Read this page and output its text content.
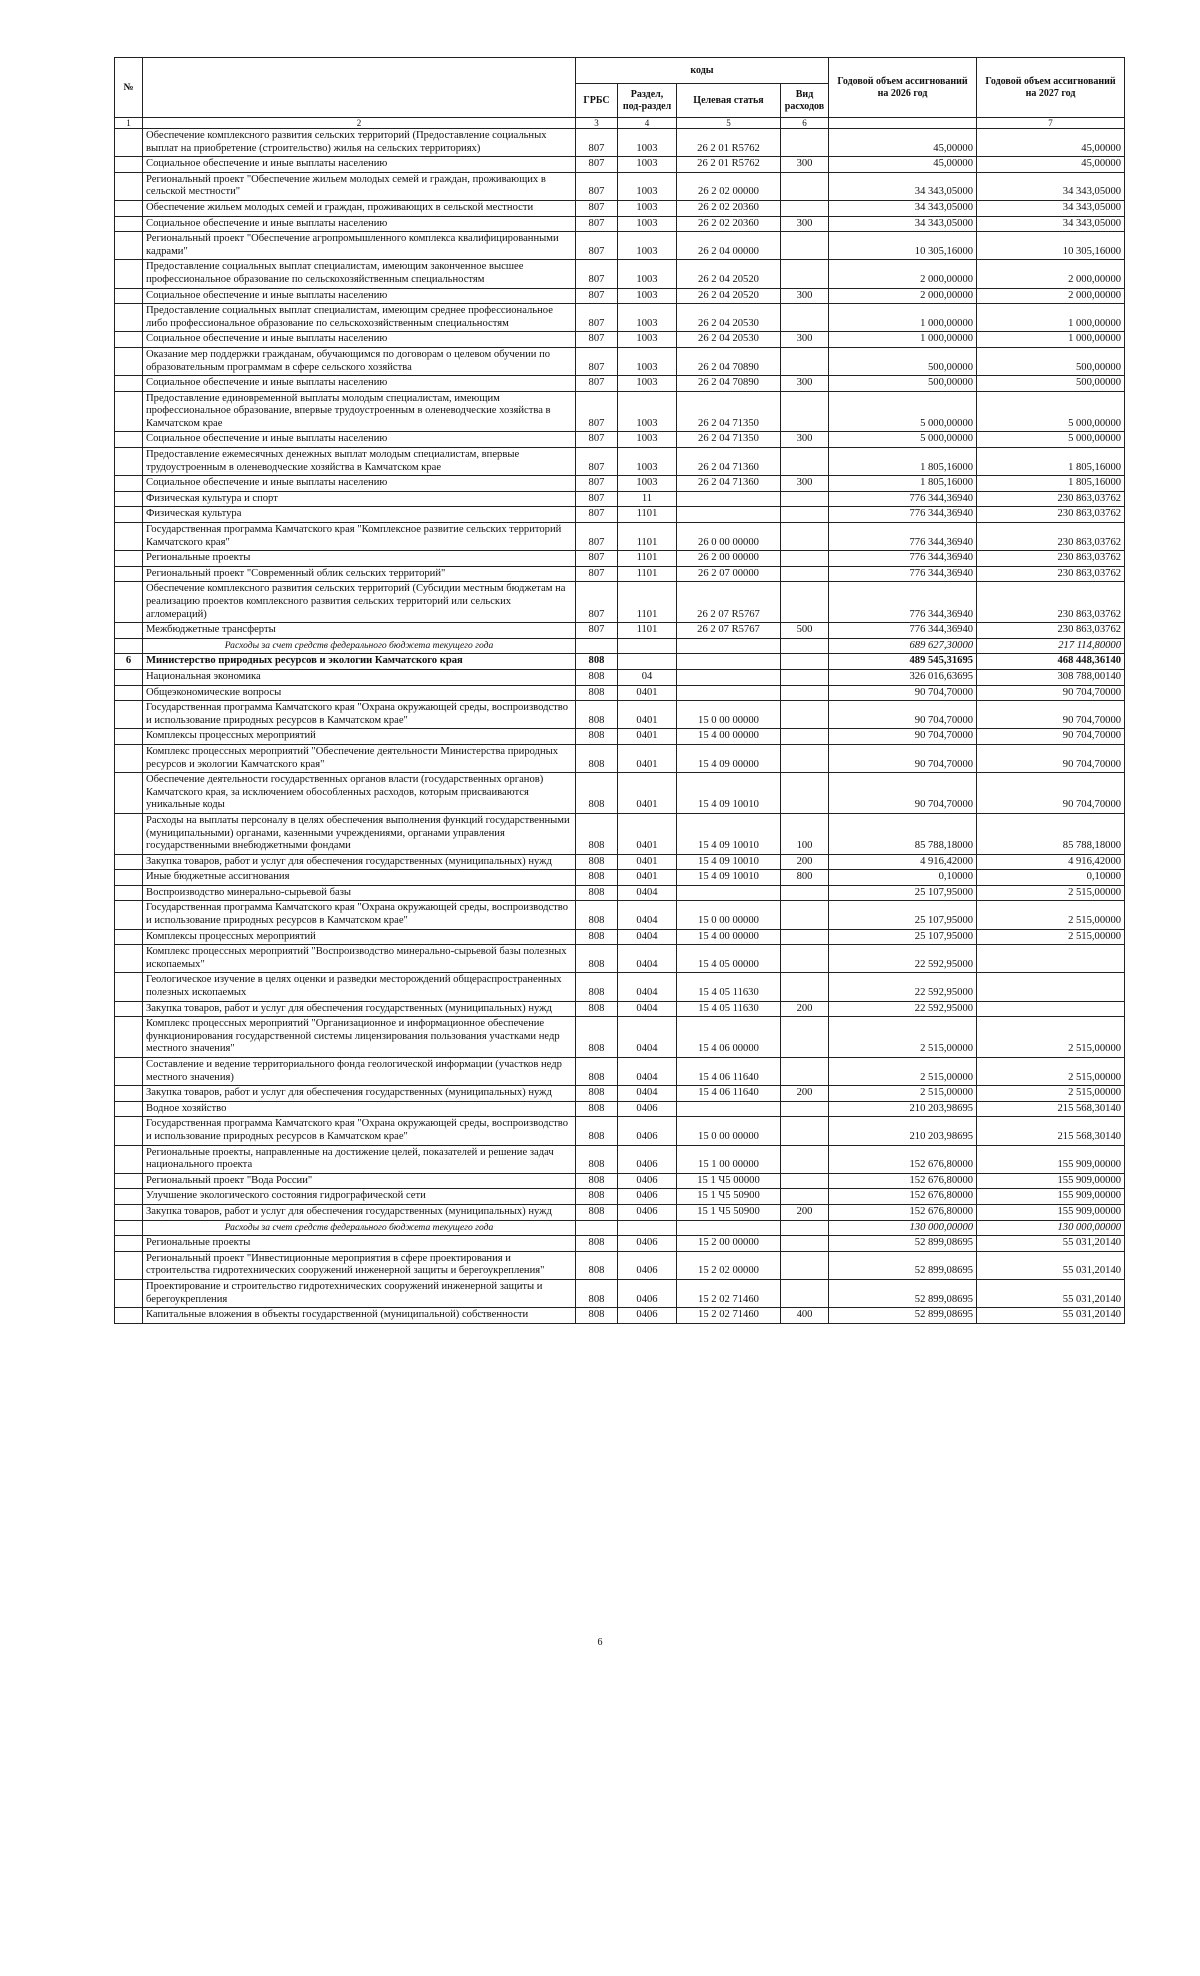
№		коды				Годовой объем ассигнований на 2026 год	Годовой объем ассигнований на 2027 год
		ГРБС	Раздел, под-раздел	Целевая статья	Вид расходов		
1	2	3	4	5	6		7
	Обеспечение комплексного развития сельских территорий (Предоставление социальных выплат на приобретение (строительство) жилья на сельских территориях)	807	1003	26 2 01 R5762		45,00000	45,00000
	Социальное обеспечение и иные выплаты населению	807	1003	26 2 01 R5762	300	45,00000	45,00000
	Региональный проект "Обеспечение жильем молодых семей и граждан, проживающих в сельской местности"	807	1003	26 2 02 00000		34 343,05000	34 343,05000
	Обеспечение жильем молодых семей и граждан, проживающих в сельской местности	807	1003	26 2 02 20360		34 343,05000	34 343,05000
	Социальное обеспечение и иные выплаты населению	807	1003	26 2 02 20360	300	34 343,05000	34 343,05000
	Региональный проект "Обеспечение агропромышленного комплекса квалифицированными кадрами"	807	1003	26 2 04 00000		10 305,16000	10 305,16000
	Предоставление социальных выплат специалистам, имеющим законченное высшее профессиональное образование по сельскохозяйственным специальностям	807	1003	26 2 04 20520		2 000,00000	2 000,00000
	Социальное обеспечение и иные выплаты населению	807	1003	26 2 04 20520	300	2 000,00000	2 000,00000
	Предоставление социальных выплат специалистам, имеющим среднее профессиональное либо профессиональное образование по сельскохозяйственным специальностям	807	1003	26 2 04 20530		1 000,00000	1 000,00000
	Социальное обеспечение и иные выплаты населению	807	1003	26 2 04 20530	300	1 000,00000	1 000,00000
	Оказание мер поддержки гражданам, обучающимся по договорам о целевом обучении по образовательным программам в сфере сельского хозяйства	807	1003	26 2 04 70890		500,00000	500,00000
	Социальное обеспечение и иные выплаты населению	807	1003	26 2 04 70890	300	500,00000	500,00000
	Предоставление единовременной выплаты молодым специалистам, имеющим профессиональное образование, впервые трудоустроенным в оленеводческие хозяйства в Камчатском крае	807	1003	26 2 04 71350		5 000,00000	5 000,00000
	Социальное обеспечение и иные выплаты населению	807	1003	26 2 04 71350	300	5 000,00000	5 000,00000
	Предоставление ежемесячных денежных выплат молодым специалистам, впервые трудоустроенным в оленеводческие хозяйства в Камчатском крае	807	1003	26 2 04 71360		1 805,16000	1 805,16000
	Социальное обеспечение и иные выплаты населению	807	1003	26 2 04 71360	300	1 805,16000	1 805,16000
	Физическая культура и спорт	807	11			776 344,36940	230 863,03762
	Физическая культура	807	1101			776 344,36940	230 863,03762
	Государственная программа Камчатского края "Комплексное развитие сельских территорий Камчатского края"	807	1101	26 0 00 00000		776 344,36940	230 863,03762
	Региональные проекты	807	1101	26 2 00 00000		776 344,36940	230 863,03762
	Региональный проект "Современный облик сельских территорий"	807	1101	26 2 07 00000		776 344,36940	230 863,03762
	Обеспечение комплексного развития сельских территорий (Субсидии местным бюджетам на реализацию проектов комплексного развития сельских территорий или сельских агломераций)	807	1101	26 2 07 R5767		776 344,36940	230 863,03762
	Межбюджетные трансферты	807	1101	26 2 07 R5767	500	776 344,36940	230 863,03762
	Расходы за счет средств федерального бюджета текущего года					689 627,30000	217 114,80000
6	Министерство природных ресурсов и экологии Камчатского края	808				489 545,31695	468 448,36140
	Национальная экономика	808	04			326 016,63695	308 788,00140
	Общеэкономические вопросы	808	0401			90 704,70000	90 704,70000
	Государственная программа Камчатского края "Охрана окружающей среды, воспроизводство и использование природных ресурсов в Камчатском крае"	808	0401	15 0 00 00000		90 704,70000	90 704,70000
	Комплексы процессных мероприятий	808	0401	15 4 00 00000		90 704,70000	90 704,70000
	Комплекс процессных мероприятий "Обеспечение деятельности Министерства природных ресурсов и экологии Камчатского края"	808	0401	15 4 09 00000		90 704,70000	90 704,70000
	Обеспечение деятельности государственных органов власти (государственных органов) Камчатского края, за исключением обособленных расходов, которым присваиваются уникальные коды	808	0401	15 4 09 10010		90 704,70000	90 704,70000
	Расходы на выплаты персоналу в целях обеспечения выполнения функций государственными (муниципальными) органами, казенными учреждениями, органами управления государственными внебюджетными фондами	808	0401	15 4 09 10010	100	85 788,18000	85 788,18000
	Закупка товаров, работ и услуг для обеспечения государственных (муниципальных) нужд	808	0401	15 4 09 10010	200	4 916,42000	4 916,42000
	Иные бюджетные ассигнования	808	0401	15 4 09 10010	800	0,10000	0,10000
	Воспроизводство минерально-сырьевой базы	808	0404			25 107,95000	2 515,00000
	Государственная программа Камчатского края "Охрана окружающей среды, воспроизводство и использование природных ресурсов в Камчатском крае"	808	0404	15 0 00 00000		25 107,95000	2 515,00000
	Комплексы процессных мероприятий	808	0404	15 4 00 00000		25 107,95000	2 515,00000
	Комплекс процессных мероприятий "Воспроизводство минерально-сырьевой базы полезных ископаемых"	808	0404	15 4 05 00000		22 592,95000	
	Геологическое изучение в целях оценки и разведки месторождений общераспространенных полезных ископаемых	808	0404	15 4 05 11630		22 592,95000	
	Закупка товаров, работ и услуг для обеспечения государственных (муниципальных) нужд	808	0404	15 4 05 11630	200	22 592,95000	
	Комплекс процессных мероприятий "Организационное и информационное обеспечение функционирования государственной системы лицензирования пользования участками недр местного значения"	808	0404	15 4 06 00000		2 515,00000	2 515,00000
	Составление и ведение территориального фонда геологической информации (участков недр местного значения)	808	0404	15 4 06 11640		2 515,00000	2 515,00000
	Закупка товаров, работ и услуг для обеспечения государственных (муниципальных) нужд	808	0404	15 4 06 11640	200	2 515,00000	2 515,00000
	Водное хозяйство	808	0406			210 203,98695	215 568,30140
	Государственная программа Камчатского края "Охрана окружающей среды, воспроизводство и использование природных ресурсов в Камчатском крае"	808	0406	15 0 00 00000		210 203,98695	215 568,30140
	Региональные проекты, направленные на достижение целей, показателей и решение задач национального проекта	808	0406	15 1 00 00000		152 676,80000	155 909,00000
	Региональный проект "Вода России"	808	0406	15 1 Ч5 00000		152 676,80000	155 909,00000
	Улучшение экологического состояния гидрографической сети	808	0406	15 1 Ч5 50900		152 676,80000	155 909,00000
	Закупка товаров, работ и услуг для обеспечения государственных (муниципальных) нужд	808	0406	15 1 Ч5 50900	200	152 676,80000	155 909,00000
	Расходы за счет средств федерального бюджета текущего года					130 000,00000	130 000,00000
	Региональные проекты	808	0406	15 2 00 00000		52 899,08695	55 031,20140
	Региональный проект "Инвестиционные мероприятия в сфере проектирования и строительства гидротехнических сооружений инженерной защиты и берегоукрепления"	808	0406	15 2 02 00000		52 899,08695	55 031,20140
	Проектирование и строительство гидротехнических сооружений инженерной защиты и берегоукрепления	808	0406	15 2 02 71460		52 899,08695	55 031,20140
	Капитальные вложения в объекты государственной (муниципальной) собственности	808	0406	15 2 02 71460	400	52 899,08695	55 031,20140
6
